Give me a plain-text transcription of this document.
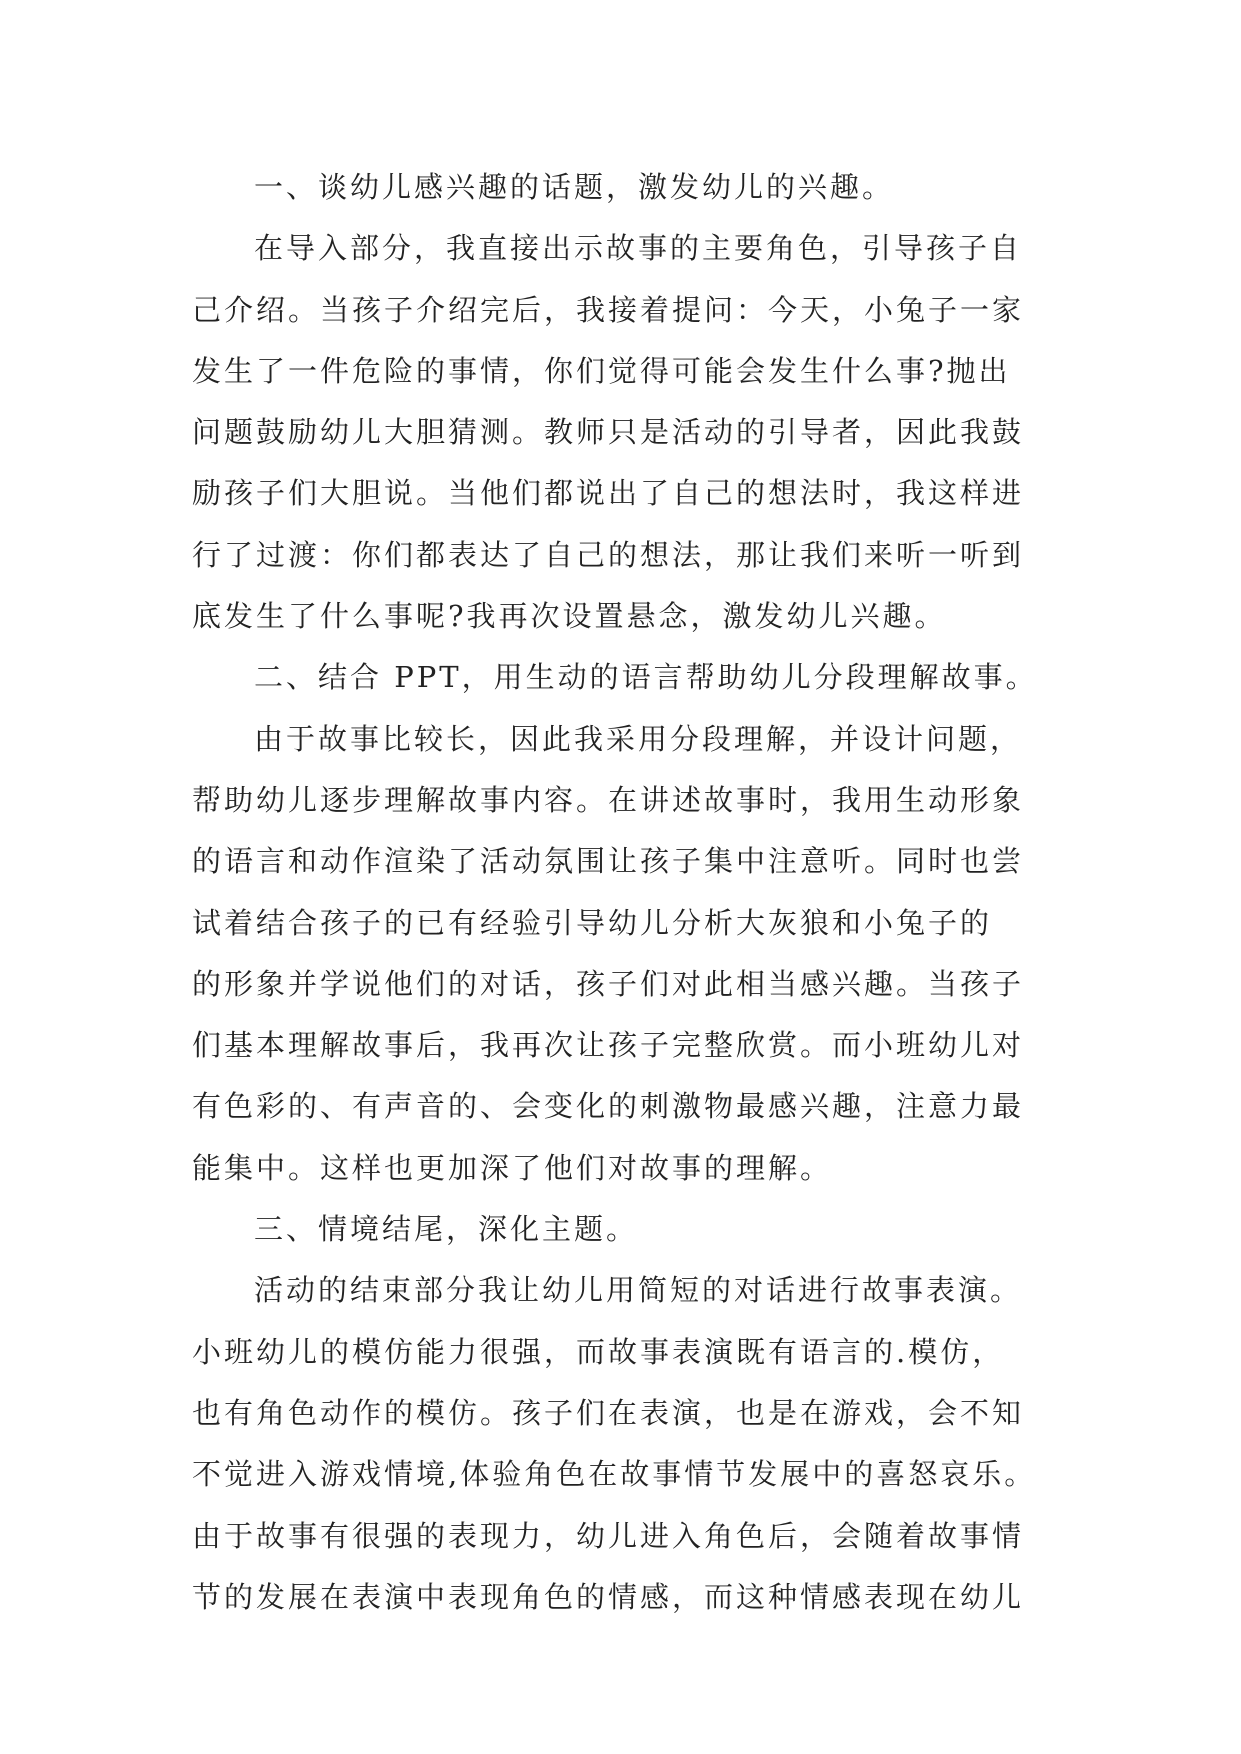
一、谈幼儿感兴趣的话题，激发幼儿的兴趣。
在导入部分，我直接出示故事的主要角色，引导孩子自
己介绍。当孩子介绍完后，我接着提问：今天，小兔子一家
发生了一件危险的事情，你们觉得可能会发生什么事?抛出
问题鼓励幼儿大胆猜测。教师只是活动的引导者，因此我鼓
励孩子们大胆说。当他们都说出了自己的想法时，我这样进
行了过渡：你们都表达了自己的想法，那让我们来听一听到
底发生了什么事呢?我再次设置悬念，激发幼儿兴趣。
二、结合 PPT，用生动的语言帮助幼儿分段理解故事。
由于故事比较长，因此我采用分段理解，并设计问题，
帮助幼儿逐步理解故事内容。在讲述故事时，我用生动形象
的语言和动作渲染了活动氛围让孩子集中注意听。同时也尝
试着结合孩子的已有经验引导幼儿分析大灰狼和小兔子的
的形象并学说他们的对话，孩子们对此相当感兴趣。当孩子
们基本理解故事后，我再次让孩子完整欣赏。而小班幼儿对
有色彩的、有声音的、会变化的刺激物最感兴趣，注意力最
能集中。这样也更加深了他们对故事的理解。
三、情境结尾，深化主题。
活动的结束部分我让幼儿用简短的对话进行故事表演。
小班幼儿的模仿能力很强，而故事表演既有语言的.模仿，
也有角色动作的模仿。孩子们在表演，也是在游戏，会不知
不觉进入游戏情境,体验角色在故事情节发展中的喜怒哀乐。
由于故事有很强的表现力，幼儿进入角色后，会随着故事情
节的发展在表演中表现角色的情感，而这种情感表现在幼儿
